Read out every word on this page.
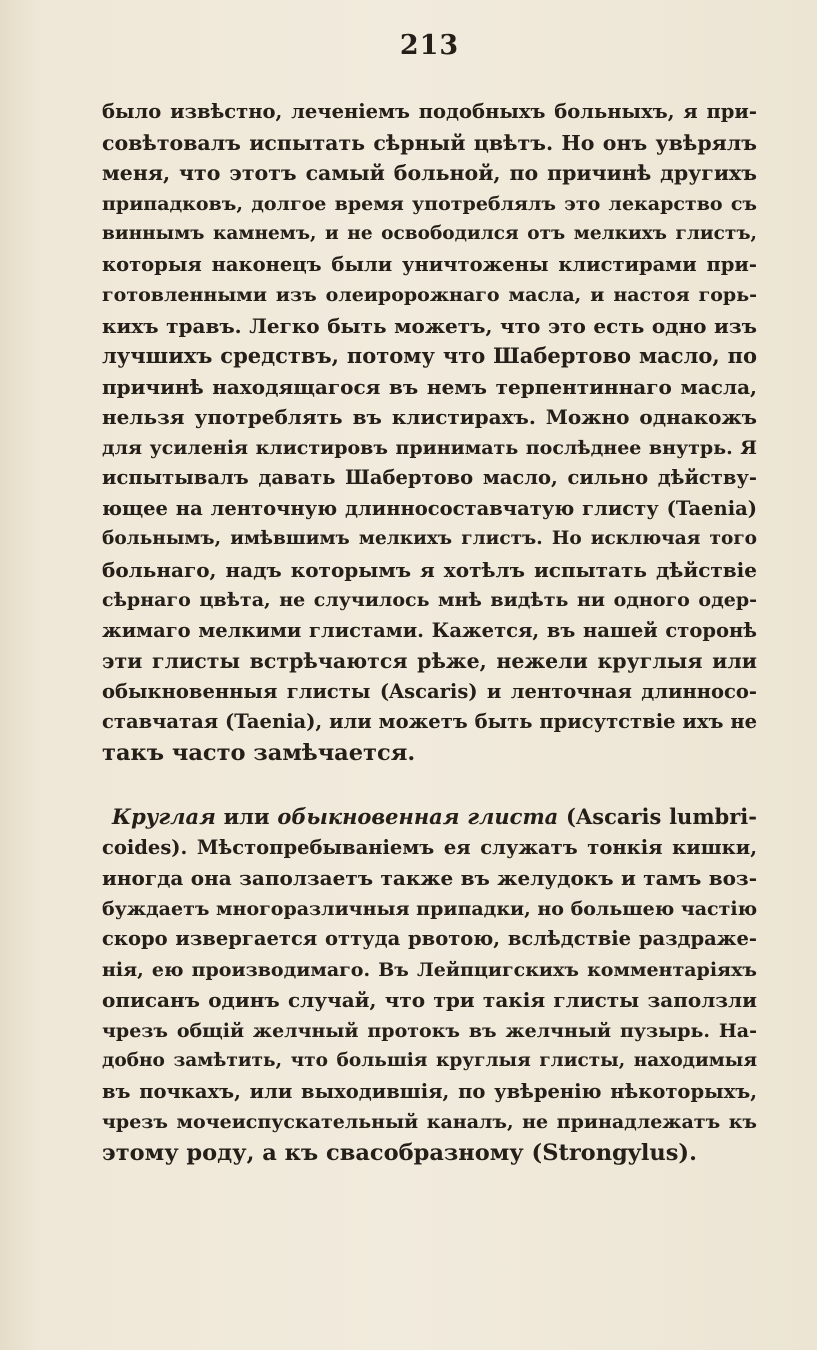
213
было извѣстно, леченіемъ подобныхъ больныхъ, я при-
совѣтовалъ испытать сѣрный цвѣтъ. Но онъ увѣрялъ
меня, что этотъ самый больной, по причинѣ другихъ
припадковъ, долгое время употреблялъ это лекарство съ
виннымъ камнемъ, и не освободился отъ мелкихъ глистъ,
которыя наконецъ были уничтожены клистирами при-
готовленными изъ олеиророжнаго масла, и настоя горь-
кихъ травъ. Легко быть можетъ, что это есть одно изъ
лучшихъ средствъ, потому что Шабертово масло, по
причинѣ находящагося въ немъ терпентиннаго масла,
нельзя употреблять въ клистирахъ. Можно однакожъ
для усиленія клистировъ принимать послѣднее внутрь. Я
испытывалъ давать Шабертово масло, сильно дѣйству-
ющее на ленточную длинносоставчатую глисту (Taenia)
больнымъ, имѣвшимъ мелкихъ глистъ. Но исключая того
больнаго, надъ которымъ я хотѣлъ испытать дѣйствіе
сѣрнаго цвѣта, не случилось мнѣ видѣть ни одного одер-
жимаго мелкими глистами. Кажется, въ нашей сторонѣ
эти глисты встрѣчаются рѣже, нежели круглыя или
обыкновенныя глисты (Ascaris) и ленточная длинносо-
ставчатая (Taenia), или можетъ быть присутствіе ихъ не
такъ часто замѣчается.
Круглая или обыкновенная глиста (Ascaris lumbri-
coides). Мѣстопребываніемъ ея служатъ тонкія кишки,
иногда она заползаетъ также въ желудокъ и тамъ воз-
буждаетъ многоразличныя припадки, но большею частію
скоро извергается оттуда рвотою, вслѣдствіе раздраже-
нія, ею производимаго. Въ Лейпцигскихъ комментаріяхъ
описанъ одинъ случай, что три такія глисты заползли
чрезъ общій желчный протокъ въ желчный пузырь. На-
добно замѣтить, что большія круглыя глисты, находимыя
въ почкахъ, или выходившія, по увѣренію нѣкоторыхъ,
чрезъ мочеиспускательный каналъ, не принадлежатъ къ
этому роду, а къ свaсобразному (Strongylus).
